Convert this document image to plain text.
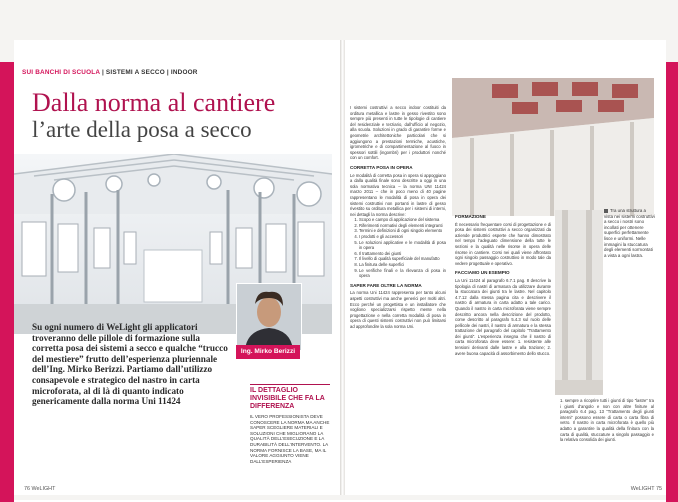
SUI BANCHI DI SCUOLA | SISTEMI A SECCO | INDOOR
Dalla norma al cantiere
l’arte della posa a secco
Ing. Mirko Berizzi
Su ogni numero di WeLight gli applicatori troveranno delle pillole di formazione sulla corretta posa dei sistemi a secco e qualche “trucco del mestiere” frutto dell’esperienza pluriennale dell’Ing. Mirko Berizzi. Partiamo dall’utilizzo consapevole e strategico del nastro in carta microforata, al di là di quanto indicato genericamente dalla norma Uni 11424
IL DETTAGLIO INVISIBILE CHE FA LA DIFFERENZA
IL VERO PROFESSIONISTA DEVE CONOSCERE LA NORMA MA ANCHE SAPER SCEGLIERE MATERIALI E SOLUZIONI CHE MIGLIORANO LA QUALITÀ DELL’ESECUZIONE E LA DURABILITÀ DELL’INTERVENTO. LA NORMA FORNISCE LA BASE, MA IL VALORE AGGIUNTO VIENE DALL’ESPERIENZA
I sistemi costruttivi a secco indoor costituiti da orditura metallica e lastre in gesso rivestito sono sempre più presenti in tutte le tipologie di cantiere del residenziale e terziario, dall’ufficio al negozio, alla scuola. Soluzioni in grado di garantire forme e geometrie architettoniche particolari che si aggiungono a prestazioni termiche, acustiche, igrometriche e di compartimentazione al fuoco in spessori sottili (ingombri) per i produttori nonché con un comfort.
CORRETTA POSA IN OPERA
Le modalità di corretta posa in opera si appoggiano a dalla qualità finale sono descritte a oggi in una sola normativa tecnica – la norma UNI 11424 marzo 2011 – che in poco meno di 40 pagine rappresentano le modalità di posa in opera dei sistemi costruttivi non portanti in lastre di gesso rivestito su orditura metallica per i sistemi di interni, nei dettagli la norma descrive:
1. Scopo e campo di applicazione del sistema
2. Riferimenti normativi degli elementi integranti
3. Termini e definizioni di ogni singolo elemento
4. I prodotti e gli accessori
5. Le soluzioni applicative e le modalità di posa in opera
6. Il trattamento dei giunti
7. Il livello di qualità superficiale del manufatto
8. La finitura delle superfici
9. Le verifiche finali e la rilevanza di posa in opera
SAPER FARE OLTRE LA NORMA
La norma Uni 11424 rappresenta per tanto alcuni aspetti costruttivi ma anche generici per molti altri. Ecco perché un progettista e un installatore che vogliono specializzarsi rispetto mente nella progettazione e nella corretta modalità di posa in opera di questi sistemi costruttivi non può limitarsi ad approfondire la sola norma Uni.
Tra una struttura a vista nei sistemi costruttivi a secco i nostri sono incollati per ottenere superfici perfettamente lisce e uniformi. Nelle immagini la stuccatura degli elementi sormontati a vista a ogni lastra.
FORMAZIONE
È necessario frequentare corsi di progettazione e di posa dei sistemi costruttivi a secco organizzati da aziende produttrici esperte che hanno dimostrato nel tempo l’adeguato dimensione della tutte le sezioni e la qualità nelle risorse in opera delle risorse in cantiere. Corsi nei quali viene affrontato ogni singolo passaggio costruttivo in modo tale da vedere progettuale e operativo.
FACCIAMO UN ESEMPIO
La Uni 11424 al paragrafo 6.7.1 pag. 8 descrive la tipologia di nastri di armatura da utilizzare durante la stuccatura dei giunti tra le lastre. Nel capitolo 4.7.12 dalla stessa pagina cita e descrivere il nastro di armatura in carta adatto a tale carico. Quando il nastro in carta microforata viene sempre descritto ancora nella descrizione del prodotto, come descritto al paragrafo 5.4.3 sul ruolo delle pellicole dei nastri, il nastro di armatura e la stessa trattazione del paragrafo del capitolo “Trattamento dei giunti”. L’esperienza insegna che il nastro di carta microforata deve essere: 1. resistente alle tensioni derivanti dalle lastre e alla trazione; 2. avere buona capacità di assorbimento dello stucco.
1. sempre a ricoprire tutti i giunti di tipo “lastre” tra i giunti d’angolo e non con altre finiture al paragrafo 6.4 pag. 13 “Trattamento degli giunti interni” possono essere di carta o carta fibra di vetro. Il nastro in carta microforata è quello più adatto a garantire la qualità della finitura con la carta di qualità, stuccature a singolo passaggio e la relativa consolida dei giunti.
76 WeLIGHT	WeLIGHT 75
